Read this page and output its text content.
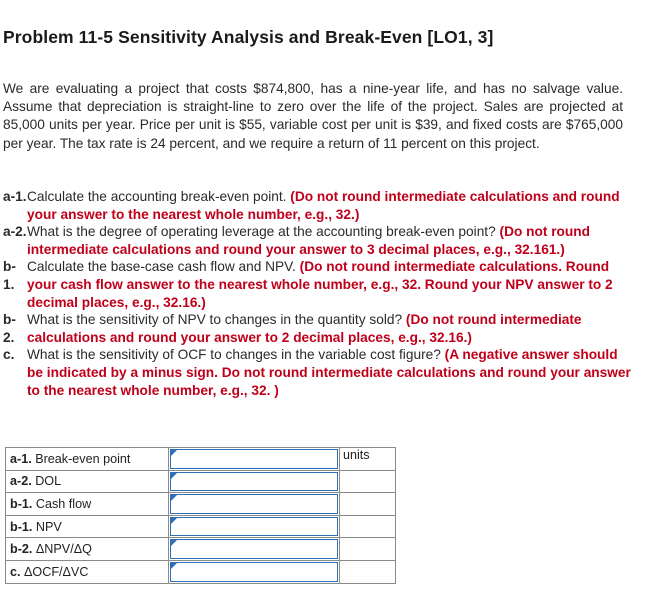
Problem 11-5 Sensitivity Analysis and Break-Even [LO1, 3]
We are evaluating a project that costs $874,800, has a nine-year life, and has no salvage value. Assume that depreciation is straight-line to zero over the life of the project. Sales are projected at 85,000 units per year. Price per unit is $55, variable cost per unit is $39, and fixed costs are $765,000 per year. The tax rate is 24 percent, and we require a return of 11 percent on this project.
a-1. Calculate the accounting break-even point. (Do not round intermediate calculations and round your answer to the nearest whole number, e.g., 32.)
a-2. What is the degree of operating leverage at the accounting break-even point? (Do not round intermediate calculations and round your answer to 3 decimal places, e.g., 32.161.)
b-1.
Calculate the base-case cash flow and NPV. (Do not round intermediate calculations. Round your cash flow answer to the nearest whole number, e.g., 32. Round your NPV answer to 2 decimal places, e.g., 32.16.)
b-2.
What is the sensitivity of NPV to changes in the quantity sold? (Do not round intermediate calculations and round your answer to 2 decimal places, e.g., 32.16.)
c. What is the sensitivity of OCF to changes in the variable cost figure? (A negative answer should be indicated by a minus sign. Do not round intermediate calculations and round your answer to the nearest whole number, e.g., 32. )
a-1. Break-even point		units
a-2. DOL	

b-1. Cash flow	

b-1. NPV	

b-2. ΔNPV/ΔQ	

c. ΔOCF/ΔVC	
